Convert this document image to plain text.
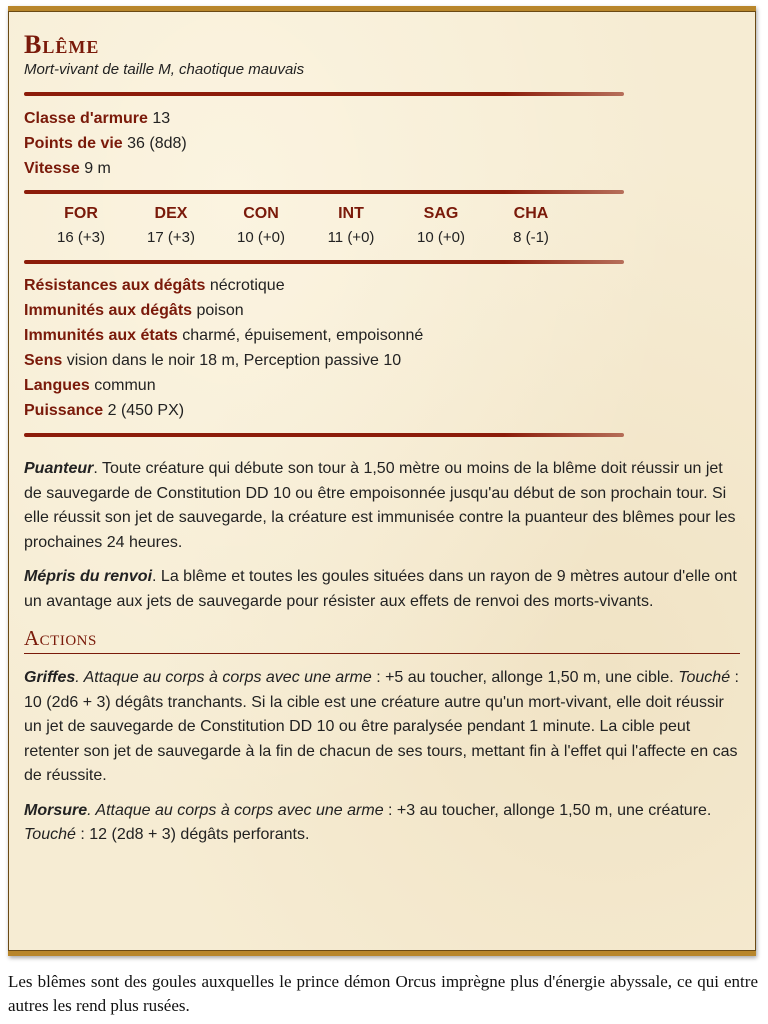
Blême
Mort-vivant de taille M, chaotique mauvais
Classe d'armure 13
Points de vie 36 (8d8)
Vitesse 9 m
FOR
16 (+3)
DEX
17 (+3)
CON
10 (+0)
INT
11 (+0)
SAG
10 (+0)
CHA
8 (-1)
Résistances aux dégâts nécrotique
Immunités aux dégâts poison
Immunités aux états charmé, épuisement, empoisonné
Sens vision dans le noir 18 m, Perception passive 10
Langues commun
Puissance 2 (450 PX)

Puanteur. Toute créature qui débute son tour à 1,50 mètre ou moins de la blême doit réussir un jet de sauvegarde de Constitution DD 10 ou être empoisonnée jusqu'au début de son prochain tour. Si elle réussit son jet de sauvegarde, la créature est immunisée contre la puanteur des blêmes pour les prochaines 24 heures.

Mépris du renvoi. La blême et toutes les goules situées dans un rayon de 9 mètres autour d'elle ont un avantage aux jets de sauvegarde pour résister aux effets de renvoi des morts-vivants.

Actions

Griffes. Attaque au corps à corps avec une arme : +5 au toucher, allonge 1,50 m, une cible. Touché : 10 (2d6 + 3) dégâts tranchants. Si la cible est une créature autre qu'un mort-vivant, elle doit réussir un jet de sauvegarde de Constitution DD 10 ou être paralysée pendant 1 minute. La cible peut retenter son jet de sauvegarde à la fin de chacun de ses tours, mettant fin à l'effet qui l'affecte en cas de réussite.

Morsure. Attaque au corps à corps avec une arme : +3 au toucher, allonge 1,50 m, une créature. Touché : 12 (2d8 + 3) dégâts perforants.

Les blêmes sont des goules auxquelles le prince démon Orcus imprègne plus d'énergie abyssale, ce qui entre autres les rend plus rusées.
